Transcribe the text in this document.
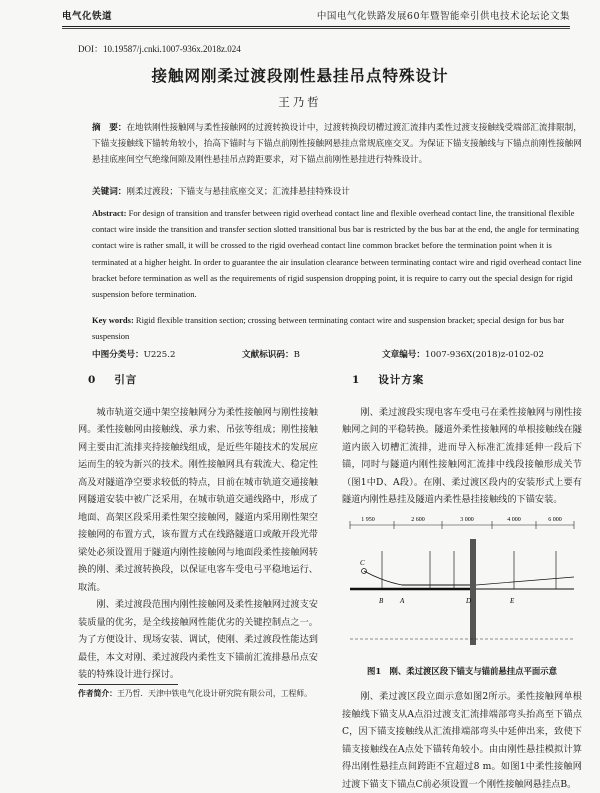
电气化铁道	中国电气化铁路发展60年暨智能牵引供电技术论坛论文集
DOI：10.19587/j.cnki.1007-936x.2018z.024
接触网刚柔过渡段刚性悬挂吊点特殊设计
王乃哲
摘　要：在地铁刚性接触网与柔性接触网的过渡转换设计中，过渡转换段切槽过渡汇流排内柔性过渡支接触线受端部汇流排限制，下锚支接触线下锚转角较小，抬高下锚时与下锚点前刚性接触网悬挂点常规底座交叉。为保证下锚支接触线与下锚点前刚性接触网悬挂底座间空气绝缘间隙及刚性悬挂吊点跨距要求，对下锚点前刚性悬挂进行特殊设计。
关键词：刚柔过渡段；下锚支与悬挂底座交叉；汇流排悬挂特殊设计
Abstract: For design of transition and transfer between rigid overhead contact line and flexible overhead contact line, the transitional flexible contact wire inside the transition and transfer section slotted transitional bus bar is restricted by the bus bar at the end, the angle for terminating contact wire is rather small, it will be crossed to the rigid overhead contact line common bracket before the termination point when it is terminated at a higher height. In order to guarantee the air insulation clearance between terminating contact wire and rigid overhead contact line bracket before termination as well as the requirements of rigid suspension dropping point, it is require to carry out the special design for rigid suspension before termination.
Key words: Rigid flexible transition section; crossing between terminating contact wire and suspension bracket; special design for bus bar suspension
中图分类号：U225.2	文献标识码：B	文章编号：1007-936X(2018)z-0102-02
0 引言

城市轨道交通中架空接触网分为柔性接触网与刚性接触网。柔性接触网由接触线、承力索、吊弦等组成；刚性接触网主要由汇流排夹持接触线组成，是近些年随技术的发展应运而生的较为新兴的技术。刚性接触网具有载流大、稳定性高及对隧道净空要求较低的特点，目前在城市轨道交通接触网隧道安装中被广泛采用，在城市轨道交通线路中，形成了地面、高架区段采用柔性架空接触网，隧道内采用刚性架空接触网的布置方式，该布置方式在线路隧道口或敞开段光带梁处必须设置用于隧道内刚性接触网与地面段柔性接触网转换的刚、柔过渡转换段，以保证电客车受电弓平稳地运行、取流。

刚、柔过渡段范围内刚性接触网及柔性接触网过渡支安装质量的优劣，是全线接触网性能优劣的关键控制点之一。为了方便设计、现场安装、调试，使刚、柔过渡段性能达到最佳，本文对刚、柔过渡段内柔性支下锚前汇流排悬吊点安装的特殊设计进行探讨。

1 设计方案

刚、柔过渡段实现电客车受电弓在柔性接触网与刚性接触网之间的平稳转换。隧道外柔性接触网的单根接触线在隧道内嵌入切槽汇流排，进而导入标准汇流排延伸一段后下锚，同时与隧道内刚性接触网汇流排中线段接触形成关节（图1中D、A段）。在刚、柔过渡区段内的安装形式上要有隧道内刚性悬挂及隧道内柔性悬挂接触线的下锚安装。

1 950	2 600	3 000	4 000	6 000
C
B A	D	E
图1　刚、柔过渡区段下锚支与锚前悬挂点平面示意

刚、柔过渡区段立面示意如图2所示。柔性接触网单根接触线下锚支从A点沿过渡支汇流排端部弯头抬高至下锚点C，因下锚支接触线从汇流排端部弯头中延伸出来，致使下锚支接触线在A点处下锚转角较小。由由刚性悬挂模拟计算得出刚性悬挂点间跨距不宜超过8 m。如图1中柔性接触网过渡下锚支下锚点C前必须设置一个刚性接触网悬挂点B。

作者简介：王乃哲．天津中铁电气化设计研究院有限公司，工程师。
